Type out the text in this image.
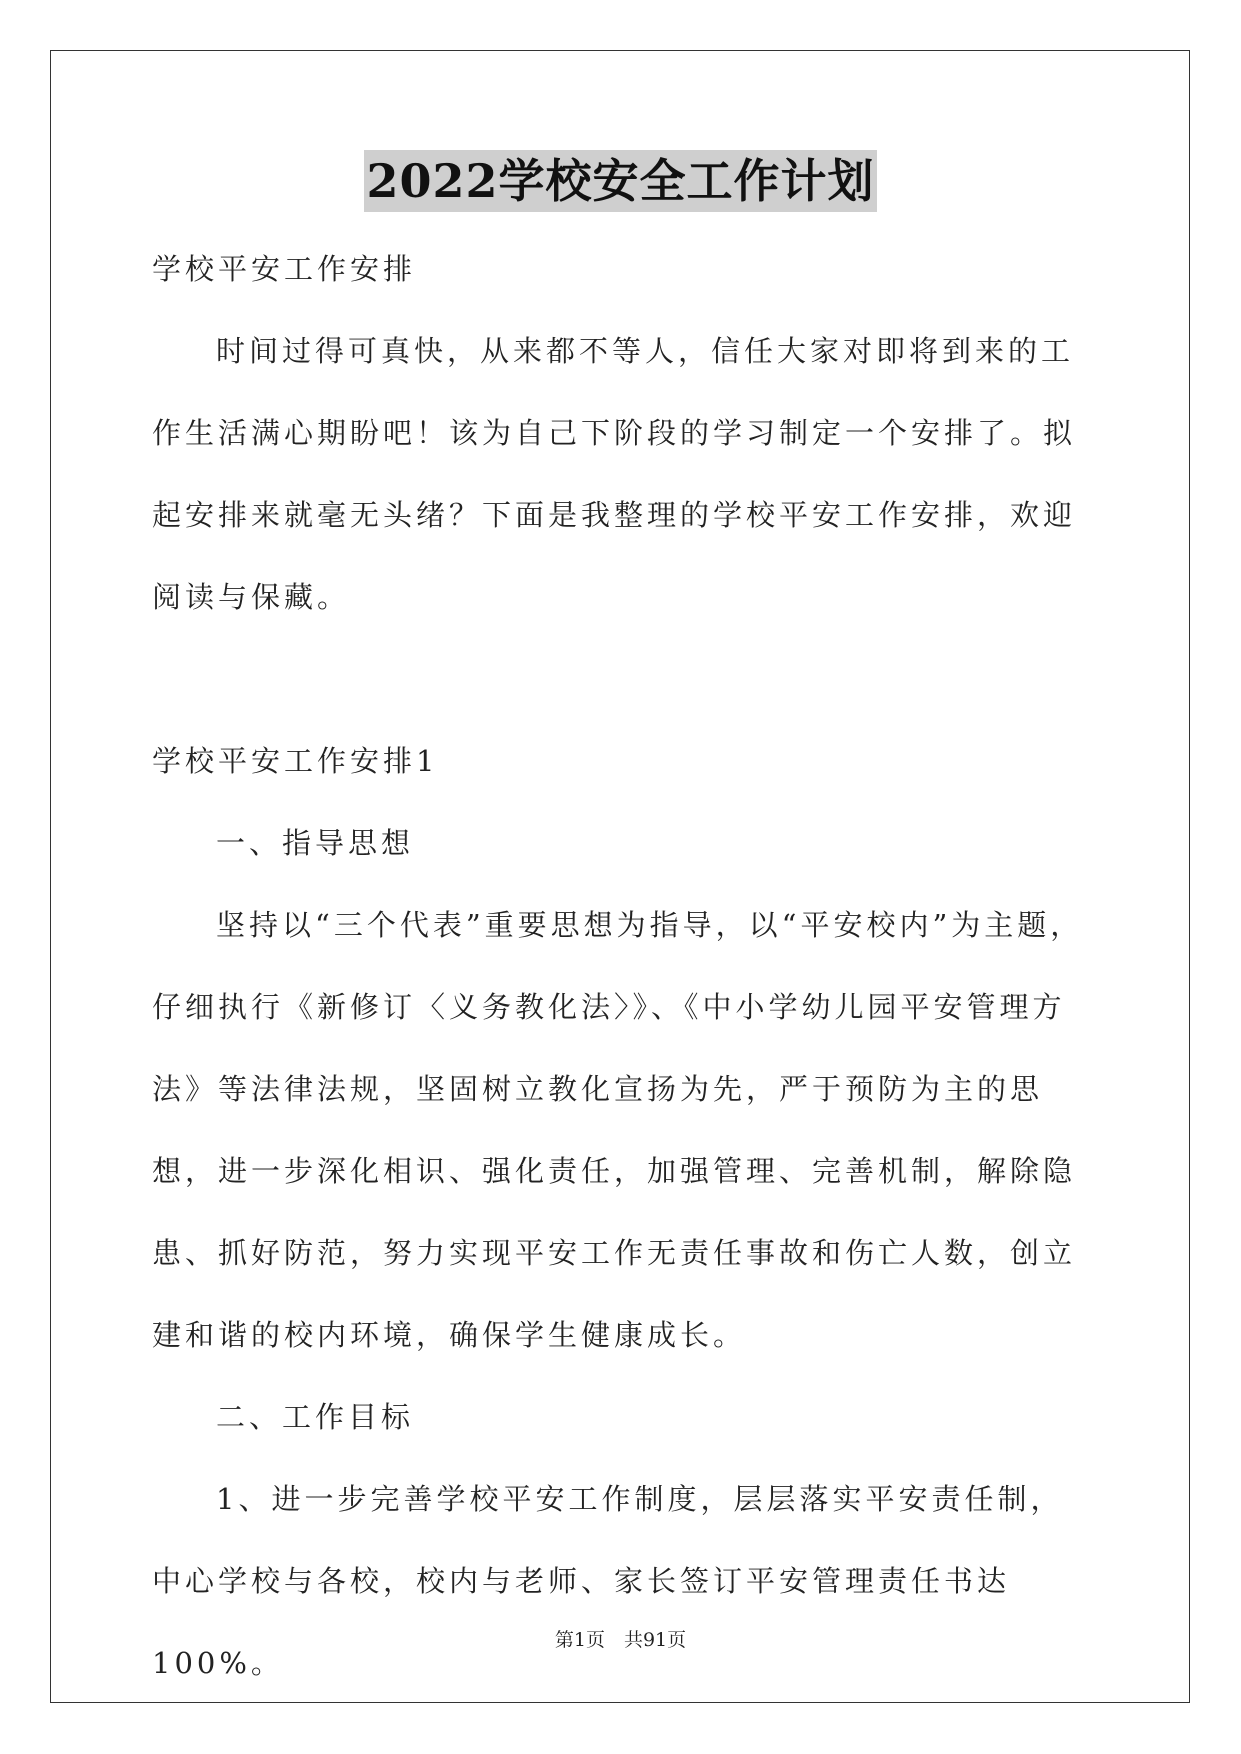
2022学校安全工作计划

学校平安工作安排

时间过得可真快，从来都不等人，信任大家对即将到来的工作生活满心期盼吧！该为自己下阶段的学习制定一个安排了。拟起安排来就毫无头绪？下面是我整理的学校平安工作安排，欢迎阅读与保藏。

学校平安工作安排1

一、指导思想

坚持以“三个代表”重要思想为指导，以“平安校内”为主题，仔细执行《新修订〈义务教化法〉》、《中小学幼儿园平安管理方法》等法律法规，坚固树立教化宣扬为先，严于预防为主的思想，进一步深化相识、强化责任，加强管理、完善机制，解除隐患、抓好防范，努力实现平安工作无责任事故和伤亡人数，创立建和谐的校内环境，确保学生健康成长。

二、工作目标

1、进一步完善学校平安工作制度，层层落实平安责任制，中心学校与各校，校内与老师、家长签订平安管理责任书达100%。

第1页　共91页
